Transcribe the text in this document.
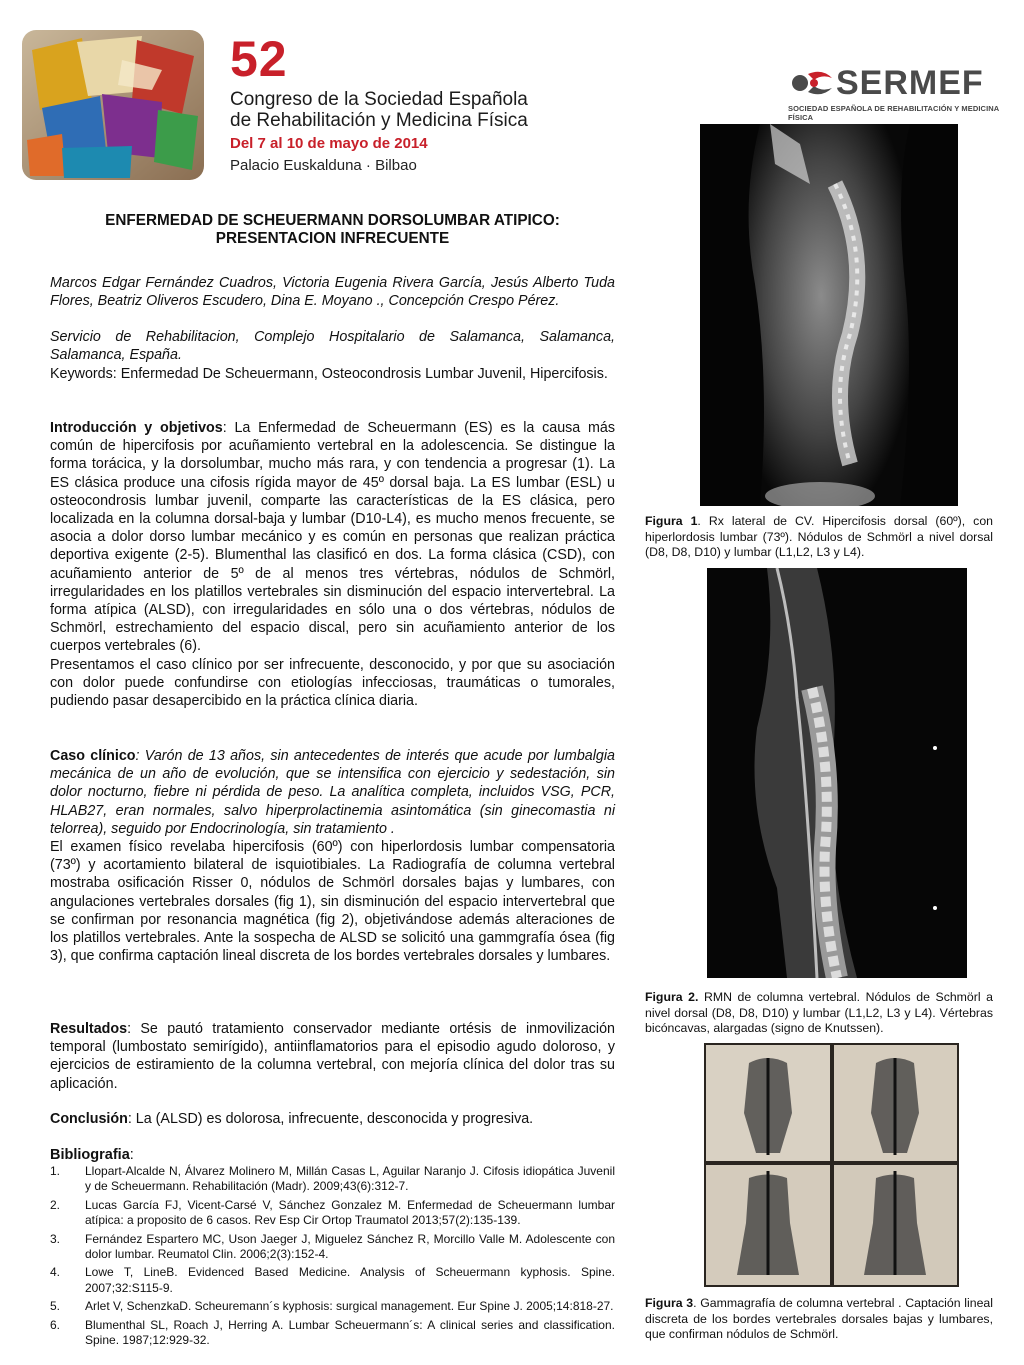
52
Congreso de la Sociedad Española
de Rehabilitación y Medicina Física
Del 7 al 10 de mayo de 2014
Palacio Euskalduna · Bilbao
SERMEF
SOCIEDAD ESPAÑOLA DE REHABILITACIÓN Y MEDICINA FÍSICA
ENFERMEDAD DE SCHEUERMANN DORSOLUMBAR ATIPICO:
PRESENTACION INFRECUENTE
Marcos Edgar Fernández Cuadros, Victoria Eugenia Rivera García, Jesús Alberto Tuda Flores, Beatriz Oliveros Escudero, Dina E. Moyano ., Concepción Crespo Pérez.
Servicio de Rehabilitacion, Complejo Hospitalario de Salamanca, Salamanca, Salamanca, España.
Keywords: Enfermedad De Scheuermann, Osteocondrosis Lumbar Juvenil, Hipercifosis.
Introducción y objetivos: La Enfermedad de Scheuermann (ES) es la causa más común de hipercifosis por acuñamiento vertebral en la adolescencia. Se distingue la forma torácica, y la dorsolumbar, mucho más rara, y con tendencia a progresar (1). La ES clásica produce una cifosis rígida mayor de 45º dorsal baja. La ES lumbar (ESL) u osteocondrosis lumbar juvenil, comparte las características de la ES clásica, pero localizada en la columna dorsal-baja y lumbar (D10-L4), es mucho menos frecuente, se asocia a dolor dorso lumbar mecánico y es común en personas que realizan práctica deportiva exigente (2-5). Blumenthal las clasificó en dos. La forma clásica (CSD), con acuñamiento anterior de 5º de al menos tres vértebras, nódulos de Schmörl, irregularidades en los platillos vertebrales sin disminución del espacio intervertebral. La forma atípica (ALSD), con irregularidades en sólo una o dos vértebras, nódulos de Schmörl, estrechamiento del espacio discal, pero sin acuñamiento anterior de los cuerpos vertebrales (6).
Presentamos el caso clínico por ser infrecuente, desconocido, y por que su asociación con dolor puede confundirse con etiologías infecciosas, traumáticas o tumorales, pudiendo pasar desapercibido en la práctica clínica diaria.
Caso clínico: Varón de 13 años, sin antecedentes de interés que acude por lumbalgia mecánica de un año de evolución, que se intensifica con ejercicio y sedestación, sin dolor nocturno, fiebre ni pérdida de peso. La analítica completa, incluidos VSG, PCR, HLAB27, eran normales, salvo hiperprolactinemia asintomática (sin ginecomastia ni telorrea), seguido por Endocrinología, sin tratamiento .
El examen físico revelaba hipercifosis (60º) con hiperlordosis lumbar compensatoria (73º) y acortamiento bilateral de isquiotibiales. La Radiografía de columna vertebral mostraba osificación Risser 0, nódulos de Schmörl dorsales bajas y lumbares, con angulaciones vertebrales dorsales (fig 1), sin disminución del espacio intervertebral que se confirman por resonancia magnética (fig 2), objetivándose además alteraciones de los platillos vertebrales. Ante la sospecha de ALSD se solicitó una gammgrafía ósea (fig 3), que confirma captación lineal discreta de los bordes vertebrales dorsales y lumbares.
Resultados: Se pautó tratamiento conservador mediante ortésis de inmovilización temporal (lumbostato semirígido), antiinflamatorios para el episodio agudo doloroso, y ejercicios de estiramiento de la columna vertebral, con mejoría clínica del dolor tras su aplicación.
Conclusión: La (ALSD) es dolorosa, infrecuente, desconocida y progresiva.
Bibliografia:
1.	Llopart-Alcalde N, Álvarez Molinero M, Millán Casas L, Aguilar Naranjo J. Cifosis idiopática Juvenil y de Scheuermann. Rehabilitación (Madr). 2009;43(6):312-7.
2.	Lucas García FJ, Vicent-Carsé V, Sánchez Gonzalez M. Enfermedad de Scheuermann lumbar atípica: a proposito de 6 casos. Rev Esp Cir Ortop Traumatol 2013;57(2):135-139.
3.	Fernández Espartero MC, Uson Jaeger J, Miguelez Sánchez R, Morcillo Valle M. Adolescente con dolor lumbar. Reumatol Clin. 2006;2(3):152-4.
4.	Lowe T, LineB. Evidenced Based Medicine. Analysis of Scheuermann kyphosis. Spine. 2007;32:S115-9.
5.	Arlet V, SchenzkaD. Scheuremann´s kyphosis: surgical management. Eur Spine J. 2005;14:818-27.
6.	Blumenthal SL, Roach J, Herring A. Lumbar Scheuermann´s: A clinical series and classification. Spine. 1987;12:929-32.
Figura 1. Rx lateral de CV. Hipercifosis dorsal (60º), con hiperlordosis lumbar (73º). Nódulos de Schmörl a nivel dorsal (D8, D8, D10) y lumbar (L1,L2, L3 y L4).
Figura 2. RMN de columna vertebral. Nódulos de Schmörl a nivel dorsal (D8, D8, D10) y lumbar (L1,L2, L3 y L4). Vértebras bicóncavas, alargadas (signo de Knutssen).
Figura 3. Gammagrafía de columna vertebral . Captación lineal discreta de los bordes vertebrales dorsales bajas y lumbares, que confirman nódulos de Schmörl.
